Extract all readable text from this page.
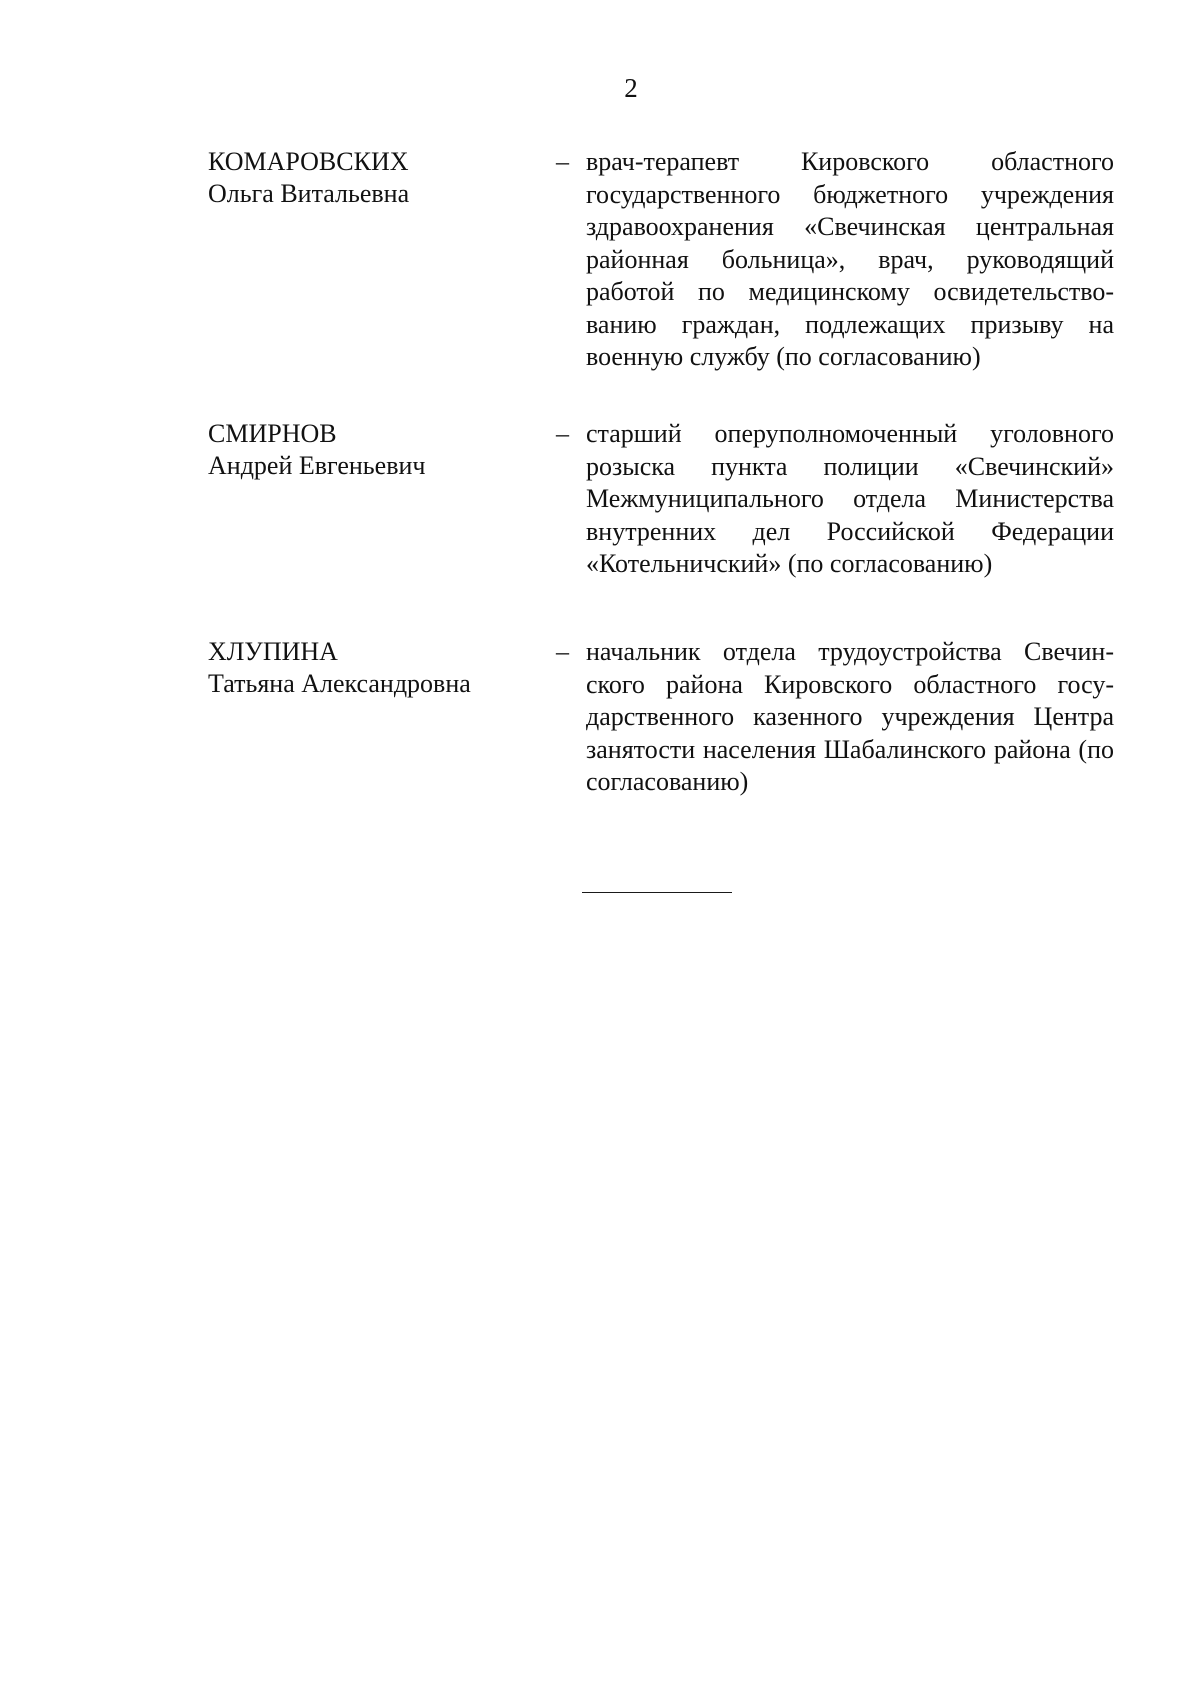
2
КОМАРОВСКИХ
Ольга Витальевна
– врач-терапевт Кировского областного государственного бюджетного учреждения здравоохранения «Свечинская центральная районная больница», врач, руководящий работой по медицинскому освидетельствованию граждан, подлежащих призыву на военную службу (по согласованию)

СМИРНОВ
Андрей Евгеньевич
– старший оперуполномоченный уголовного розыска пункта полиции «Свечинский» Межмуниципального отдела Министерства внутренних дел Российской Федерации «Котельничский» (по согласованию)

ХЛУПИНА
Татьяна Александровна
– начальник отдела трудоустройства Свечинского района Кировского областного государственного казенного учреждения Центра занятости населения Шабалинского района (по согласованию)
